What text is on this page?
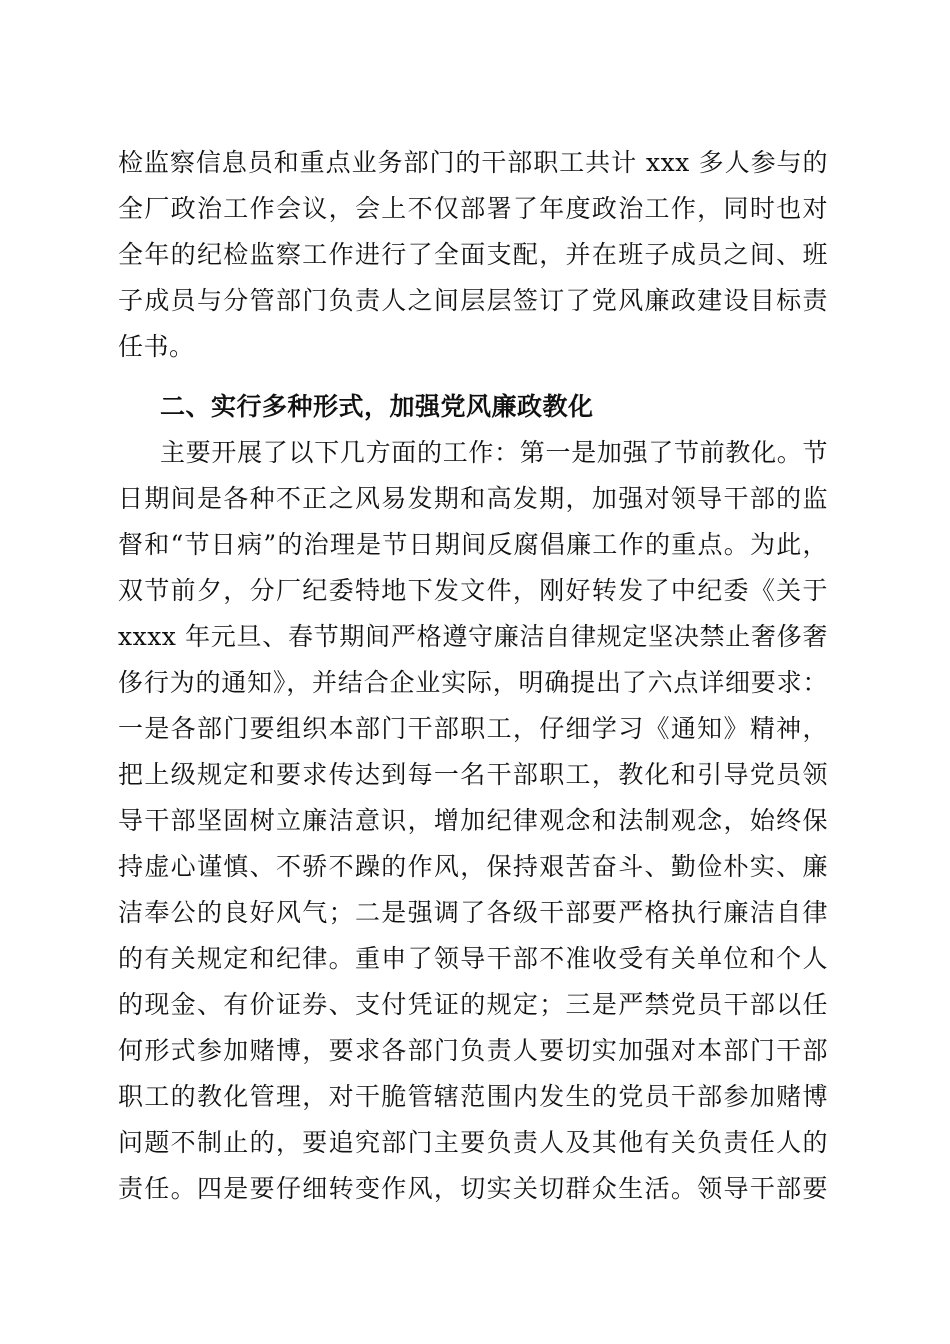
检监察信息员和重点业务部门的干部职工共计 xxx 多人参与的
全厂政治工作会议，会上不仅部署了年度政治工作，同时也对
全年的纪检监察工作进行了全面支配，并在班子成员之间、班
子成员与分管部门负责人之间层层签订了党风廉政建设目标责
任书。
二、实行多种形式，加强党风廉政教化
主要开展了以下几方面的工作：第一是加强了节前教化。节
日期间是各种不正之风易发期和高发期，加强对领导干部的监
督和“节日病”的治理是节日期间反腐倡廉工作的重点。为此，
双节前夕，分厂纪委特地下发文件，刚好转发了中纪委《关于
xxxx 年元旦、春节期间严格遵守廉洁自律规定坚决禁止奢侈奢
侈行为的通知》，并结合企业实际，明确提出了六点详细要求：
一是各部门要组织本部门干部职工，仔细学习《通知》精神，
把上级规定和要求传达到每一名干部职工，教化和引导党员领
导干部坚固树立廉洁意识，增加纪律观念和法制观念，始终保
持虚心谨慎、不骄不躁的作风，保持艰苦奋斗、勤俭朴实、廉
洁奉公的良好风气；二是强调了各级干部要严格执行廉洁自律
的有关规定和纪律。重申了领导干部不准收受有关单位和个人
的现金、有价证券、支付凭证的规定；三是严禁党员干部以任
何形式参加赌博，要求各部门负责人要切实加强对本部门干部
职工的教化管理，对干脆管辖范围内发生的党员干部参加赌博
问题不制止的，要追究部门主要负责人及其他有关负责任人的
责任。四是要仔细转变作风，切实关切群众生活。领导干部要
